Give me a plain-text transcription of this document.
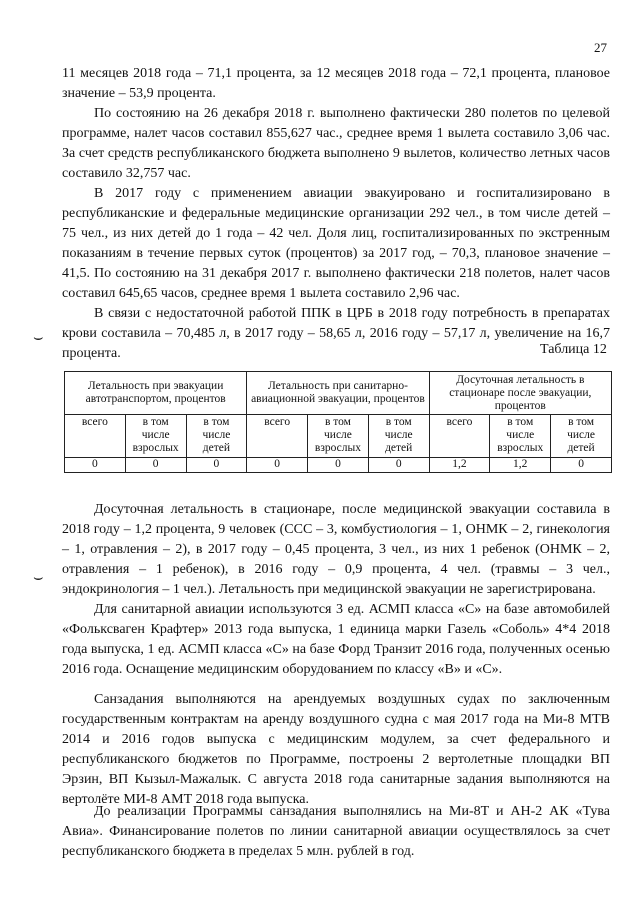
27

11 месяцев 2018 года – 71,1 процента, за 12 месяцев 2018 года – 72,1 процента, плановое значение – 53,9 процента.

По состоянию на 26 декабря 2018 г. выполнено фактически 280 полетов по целевой программе, налет часов составил 855,627 час., среднее время 1 вылета составило 3,06 час. За счет средств республиканского бюджета выполнено 9 вылетов, количество летных часов составило 32,757 час.

В 2017 году с применением авиации эвакуировано и госпитализировано в республиканские и федеральные медицинские организации 292 чел., в том числе детей – 75 чел., из них детей до 1 года – 42 чел. Доля лиц, госпитализированных по экстренным показаниям в течение первых суток (процентов) за 2017 год, – 70,3, плановое значение – 41,5. По состоянию на 31 декабря 2017 г. выполнено фактически 218 полетов, налет часов составил 645,65 часов, среднее время 1 вылета составило 2,96 час.

В связи с недостаточной работой ППК в ЦРБ в 2018 году потребность в препаратах крови составила – 70,485 л, в 2017 году – 58,65 л, 2016 году – 57,17 л, увеличение на 16,7 процента.

⌣
Таблица 12
Летальность при эвакуации автотранспортом, процентов			Летальность при санитарно-авиационной эвакуации, процентов			Досуточная летальность в стационаре после эвакуации, процентов		
всего	в том числе взрослых	в том числе детей	всего	в том числе взрослых	в том числе детей	всего	в том числе взрослых	в том числе детей
0	0	0	0	0	0	1,2	1,2	0

Досуточная летальность в стационаре, после медицинской эвакуации составила в 2018 году – 1,2 процента, 9 человек (ССС – 3, комбустиология – 1, ОНМК – 2, гинекология – 1, отравления – 2), в 2017 году – 0,45 процента, 3 чел., из них 1 ребенок (ОНМК – 2, отравления – 1 ребенок), в 2016 году – 0,9 процента, 4 чел. (травмы – 3 чел., эндокринология – 1 чел.). Летальность при медицинской эвакуации не зарегистрирована.

⌣

Для санитарной авиации используются 3 ед. АСМП класса «С» на базе автомобилей «Фольксваген Крафтер» 2013 года выпуска, 1 единица марки Газель «Соболь» 4*4 2018 года выпуска, 1 ед. АСМП класса «С» на базе Форд Транзит 2016 года, полученных осенью 2016 года. Оснащение медицинским оборудованием по классу «В» и «С».

Санзадания выполняются на арендуемых воздушных судах по заключенным государственным контрактам на аренду воздушного судна с мая 2017 года на Ми-8 МТВ 2014 и 2016 годов выпуска с медицинским модулем, за счет федерального и республиканского бюджетов по Программе, построены 2 вертолетные площадки ВП Эрзин, ВП Кызыл-Мажалык. С августа 2018 года санитарные задания выполняются на вертолёте МИ-8 АМТ 2018 года выпуска.

До реализации Программы санзадания выполнялись на Ми-8Т и АН-2 АК «Тува Авиа». Финансирование полетов по линии санитарной авиации осуществлялось за счет республиканского бюджета в пределах 5 млн. рублей в год.
